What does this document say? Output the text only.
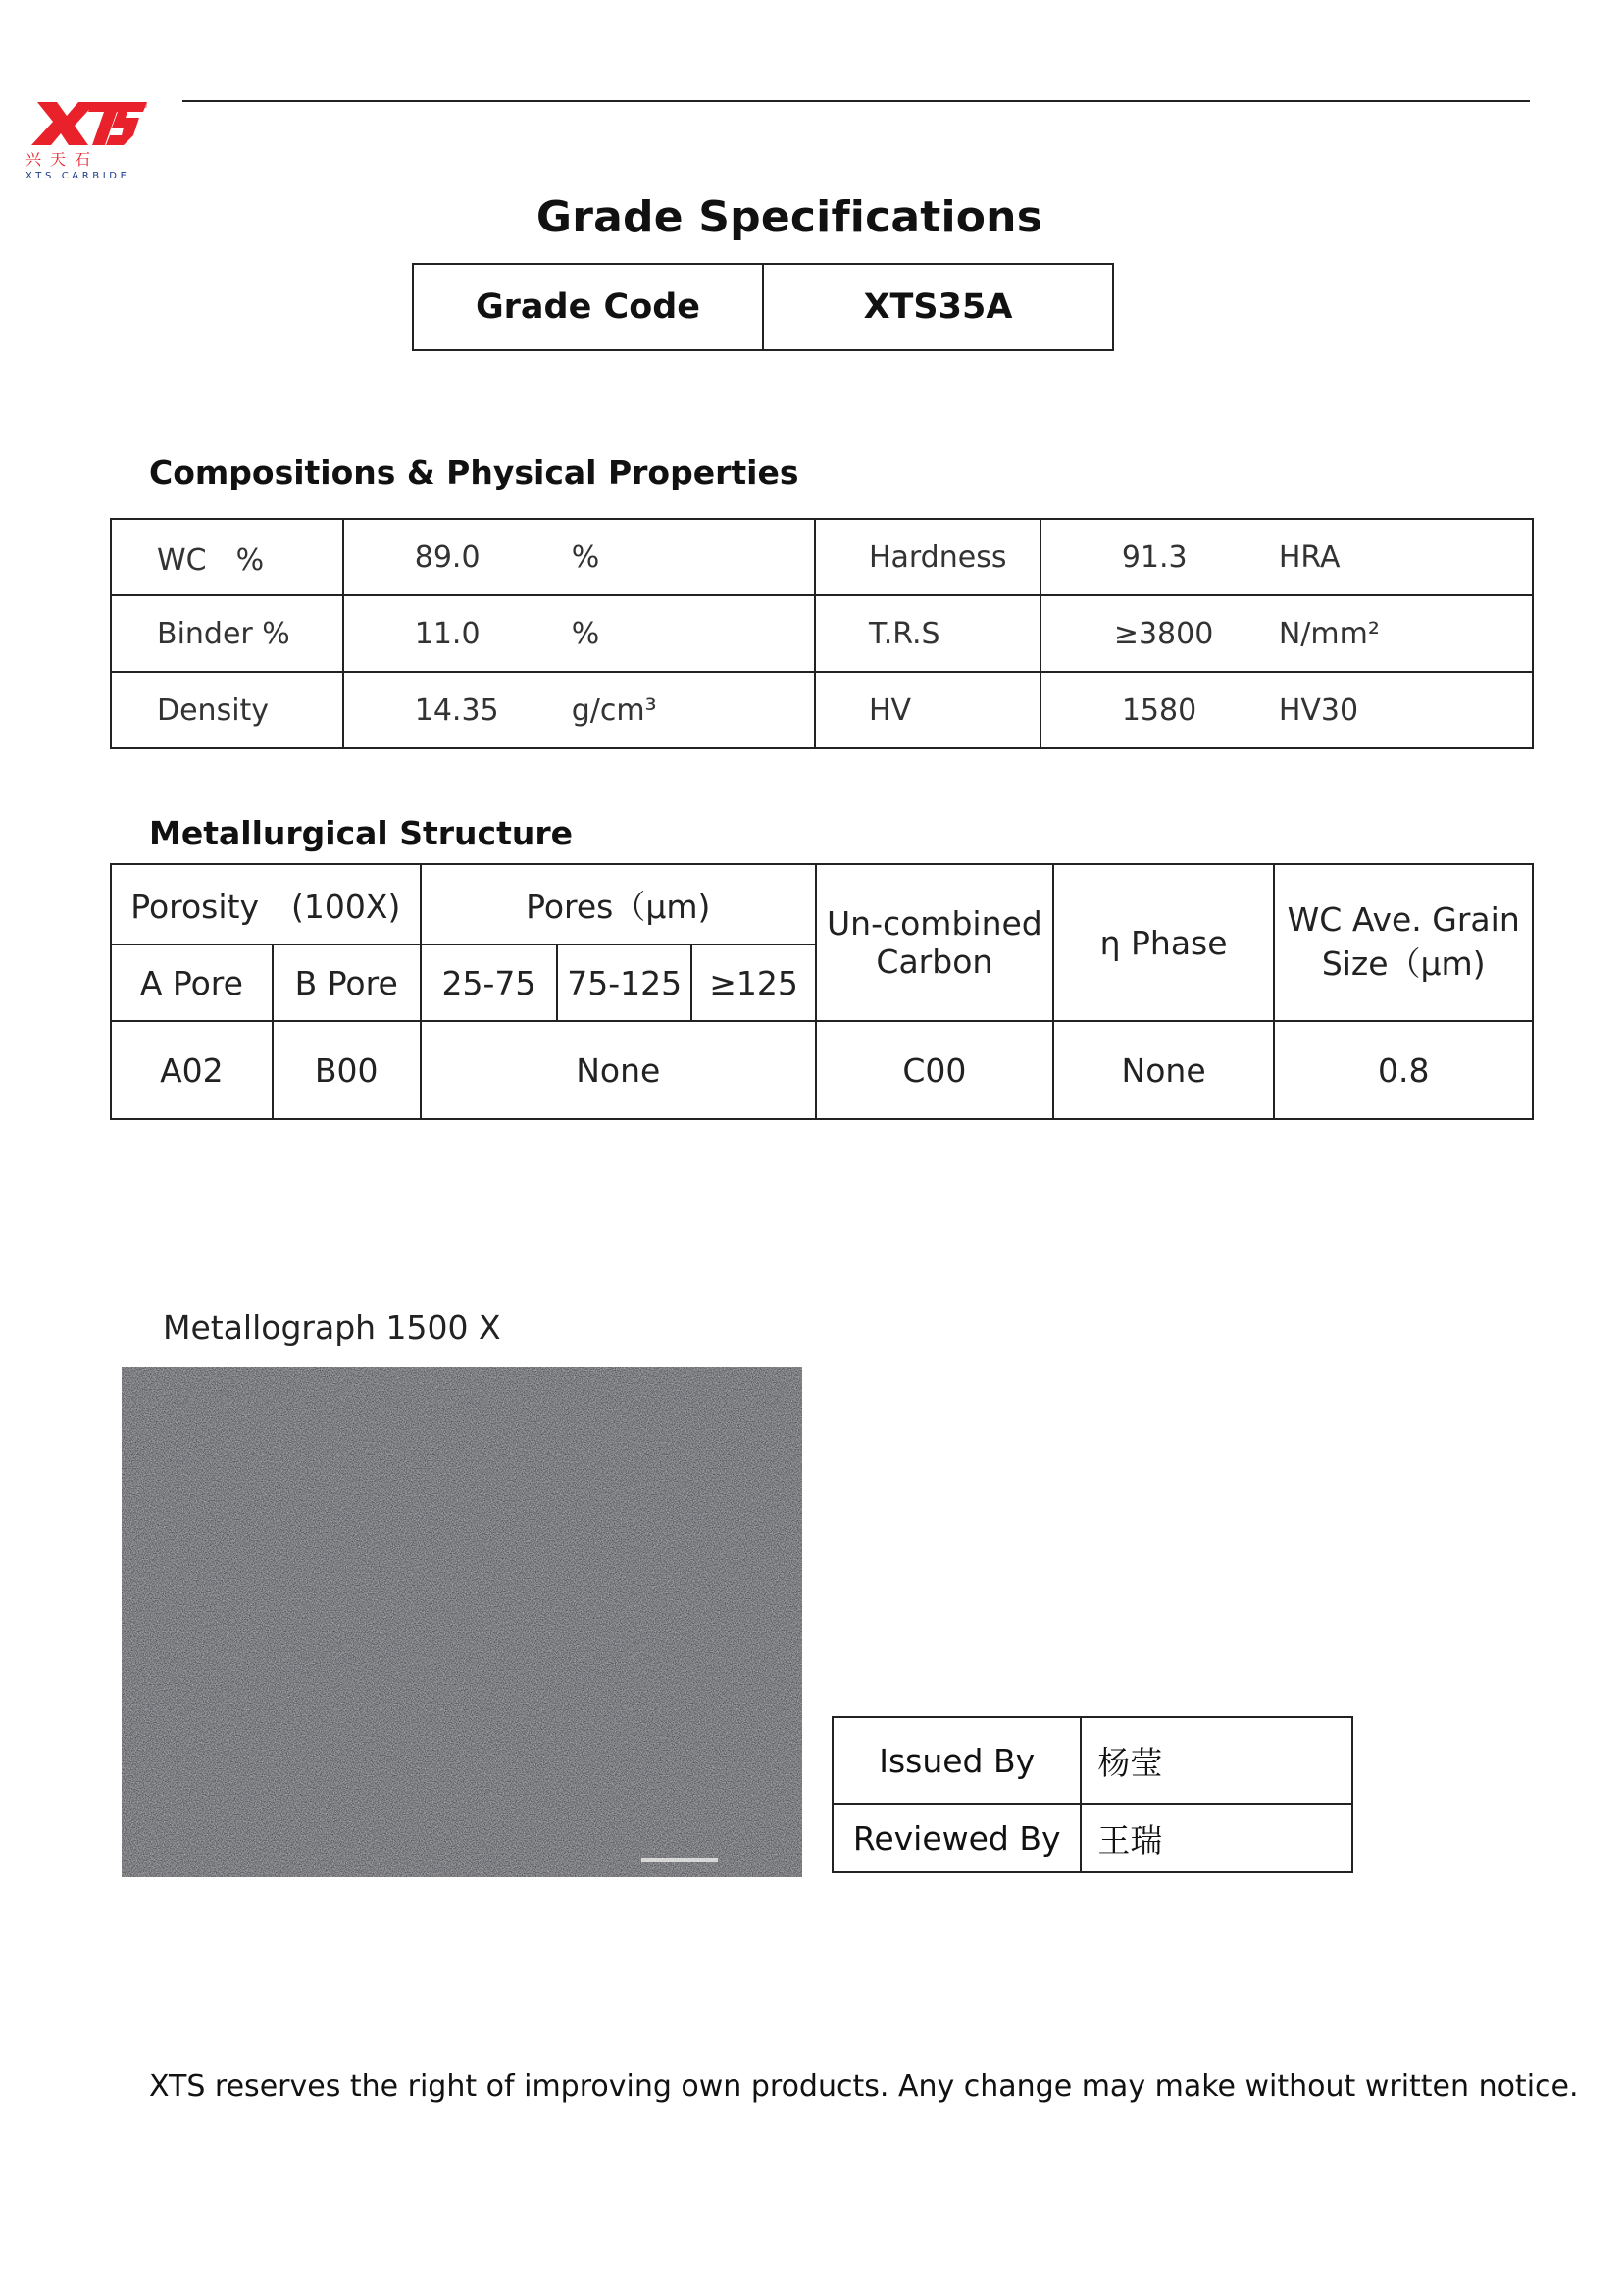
兴天石
XTS CARBIDE
®
Grade Specifications
Grade Code	XTS35A
Compositions & Physical Properties
WC　%	89.0 %	Hardness	91.3 HRA
Binder %	11.0 %	T.R.S	≥3800 N/mm²
Density	14.35 g/cm³	HV	1580 HV30
Metallurgical Structure
Porosity　(100X)		Pores（μm)			Un-combined Carbon	η Phase	WC Ave. Grain Size（μm)
A Pore	B Pore	25-75	75-125	≥125			
A02	B00	None			C00	None	0.8
Metallograph 1500 X
Issued By	杨莹
Reviewed By	王瑞
XTS reserves the right of improving own products. Any change may make without written notice.
